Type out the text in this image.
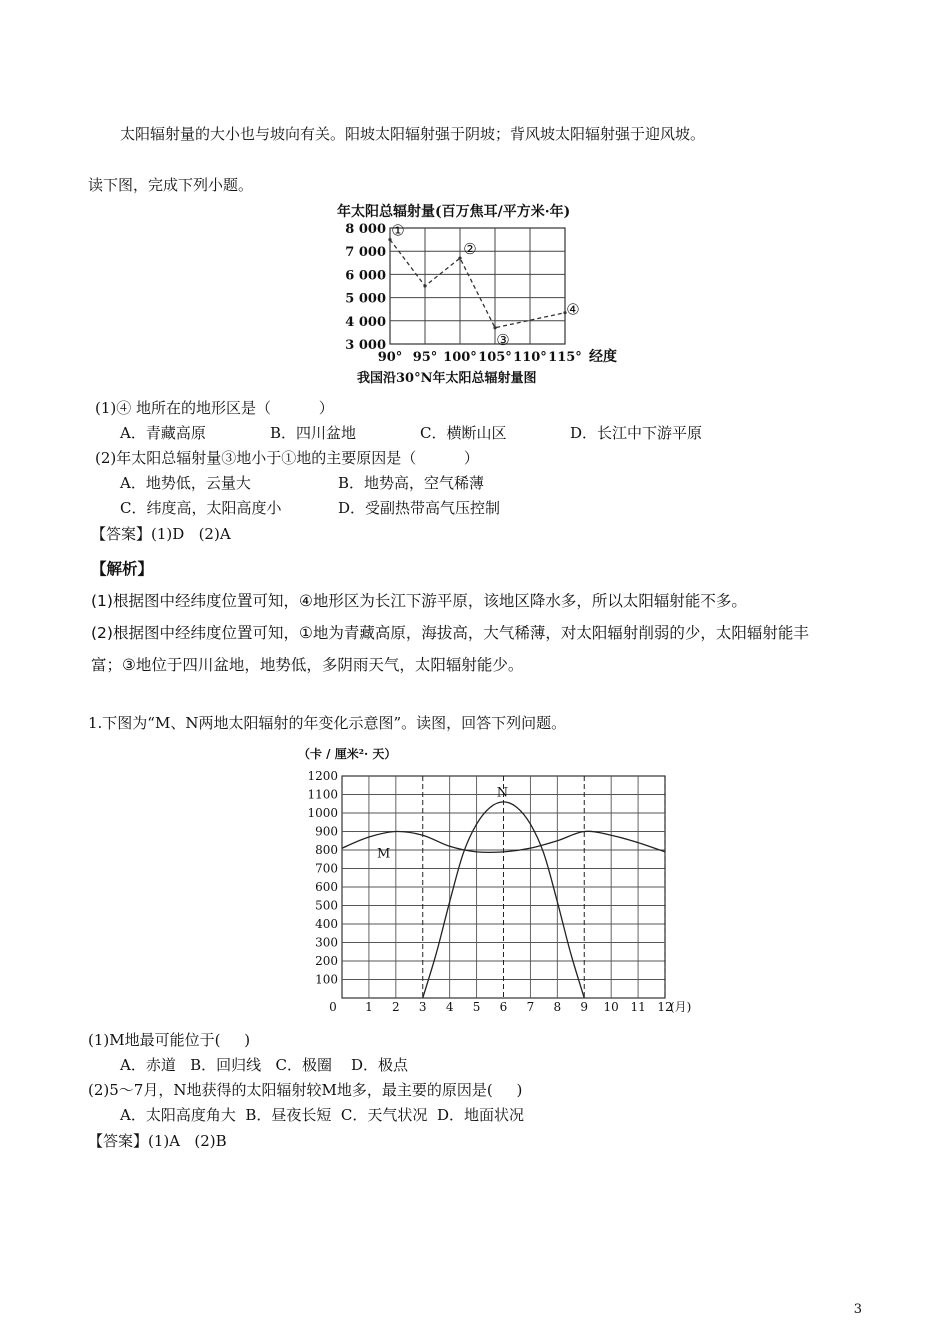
太阳辐射量的大小也与坡向有关。阳坡太阳辐射强于阴坡；背风坡太阳辐射强于迎风坡。
读下图，完成下列小题。
年太阳总辐射量(百万焦耳/平方米·年)
8 000
7 000
6 000
5 000
4 000
3 000
90° 95° 100° 105° 110° 115° 经度
①
②
③
④
我国沿30°N年太阳总辐射量图
(1)④ 地所在的地形区是（          ）
A．青藏高原	B．四川盆地	C．横断山区	D．长江中下游平原
(2)年太阳总辐射量③地小于①地的主要原因是（          ）
A．地势低，云量大	B．地势高，空气稀薄
C．纬度高，太阳高度小	D．受副热带高气压控制
【答案】(1)D   (2)A
【解析】
(1)根据图中经纬度位置可知，④地形区为长江下游平原，该地区降水多，所以太阳辐射能不多。
(2)根据图中经纬度位置可知，①地为青藏高原，海拔高，大气稀薄，对太阳辐射削弱的少，太阳辐射能丰
富；③地位于四川盆地，地势低，多阴雨天气，太阳辐射能少。
1.下图为“M、N两地太阳辐射的年变化示意图”。读图，回答下列问题。
（卡 / 厘米²· 天）
1200
1100
1000
900
800
700
600
500
400
300
200
100
0 1 2 3 4 5 6 7 8 9 10 11 12
(月)
M
N
(1)M地最可能位于(     )
A．赤道   B．回归线   C．极圈    D．极点
(2)5～7月，N地获得的太阳辐射较M地多，最主要的原因是(     )
A．太阳高度角大  B．昼夜长短  C．天气状况  D．地面状况
【答案】(1)A   (2)B
3
